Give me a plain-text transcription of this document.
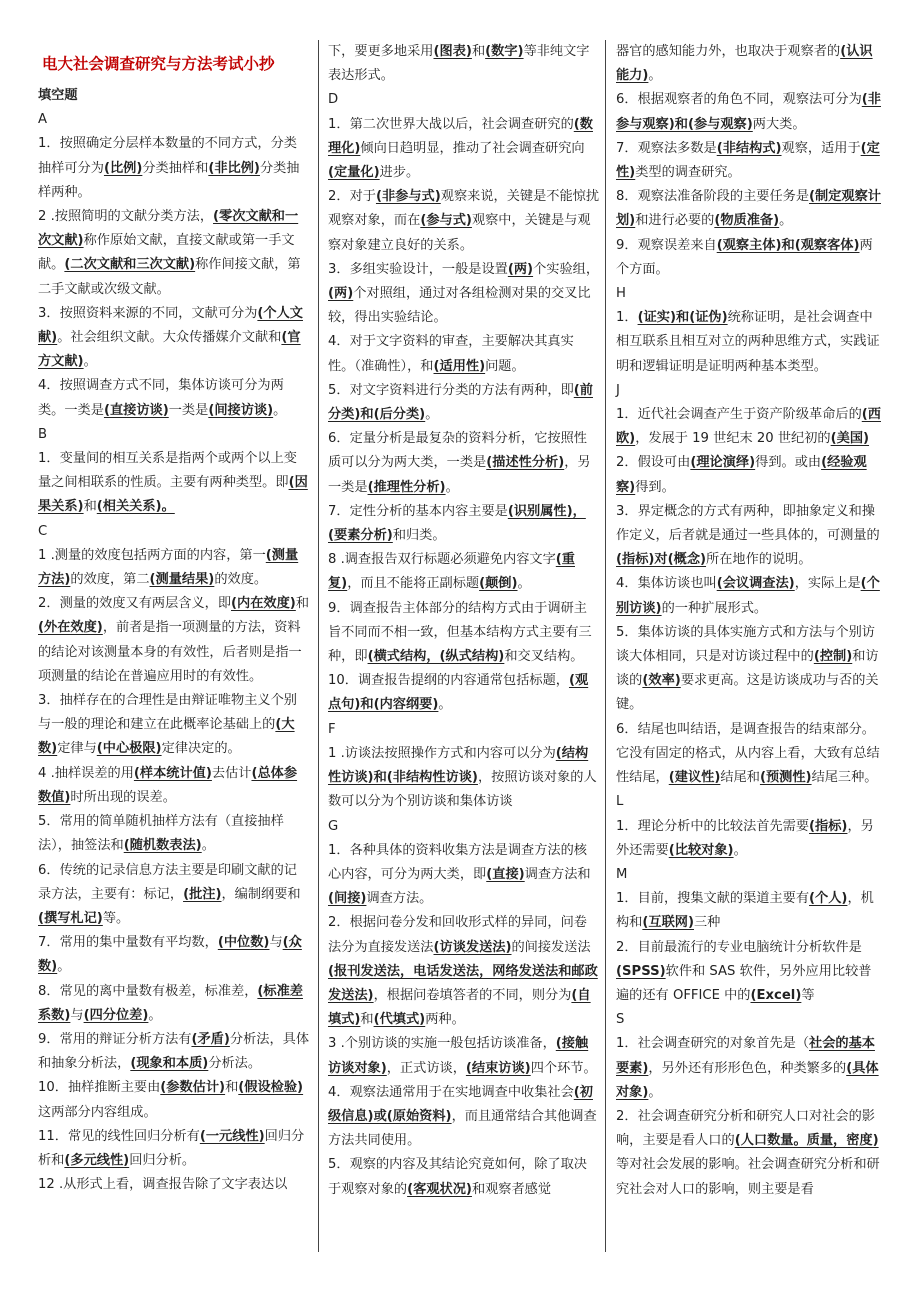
电大社会调查研究与方法考试小抄
填空题
A
1．按照确定分层样本数量的不同方式，分类抽样可分为(比例)分类抽样和(非比例)分类抽样两种。
2 .按照简明的文献分类方法，(零次文献和一次文献)称作原始文献，直接文献或第一手文献。(二次文献和三次文献)称作间接文献，第二手文献或次级文献。
3．按照资料来源的不同，文献可分为(个人文献)。社会组织文献。大众传播媒介文献和(官方文献)。
4．按照调查方式不同，集体访谈可分为两类。一类是(直接访谈)一类是(间接访谈)。
B
1．变量间的相互关系是指两个或两个以上变量之间相联系的性质。主要有两种类型。即(因果关系)和(相关关系)。
C
1 .测量的效度包括两方面的内容，第一(测量方法)的效度，第二(测量结果)的效度。
2．测量的效度又有两层含义，即(内在效度)和(外在效度)，前者是指一项测量的方法，资料的结论对该测量本身的有效性，后者则是指一项测量的结论在普遍应用时的有效性。
3．抽样存在的合理性是由辩证唯物主义个别与一般的理论和建立在此概率论基础上的(大数)定律与(中心极限)定律决定的。
4 .抽样误差的用(样本统计值)去估计(总体参数值)时所出现的误差。
5．常用的简单随机抽样方法有（直接抽样法），抽签法和(随机数表法)。
6．传统的记录信息方法主要是印刷文献的记录方法，主要有：标记，(批注)，编制纲要和(撰写札记)等。
7．常用的集中量数有平均数，(中位数)与(众数)。
8．常见的离中量数有极差，标准差，(标准差系数)与(四分位差)。
9．常用的辩证分析方法有(矛盾)分析法，具体和抽象分析法，(现象和本质)分析法。
10．抽样推断主要由(参数估计)和(假设检验)这两部分内容组成。
11．常见的线性回归分析有(一元线性)回归分析和(多元线性)回归分析。
12 .从形式上看，调查报告除了文字表达以
下，要更多地采用(图表)和(数字)等非纯文字表达形式。
D
1．第二次世界大战以后，社会调查研究的(数理化)倾向日趋明显，推动了社会调查研究向(定量化)进步。
2．对于(非参与式)观察来说，关键是不能惊扰观察对象，而在(参与式)观察中，关键是与观察对象建立良好的关系。
3．多组实验设计，一般是设置(两)个实验组，(两)个对照组，通过对各组检测对果的交叉比较，得出实验结论。
4．对于文字资料的审查，主要解决其真实性。（准确性），和(适用性)问题。
5．对文字资料进行分类的方法有两种，即(前分类)和(后分类)。
6．定量分析是最复杂的资料分析，它按照性质可以分为两大类，一类是(描述性分析)，另一类是(推理性分析)。
7．定性分析的基本内容主要是(识别属性)，(要素分析)和归类。
8 .调查报告双行标题必须避免内容文字(重复)，而且不能将正副标题(颠倒)。
9．调查报告主体部分的结构方式由于调研主旨不同而不相一致，但基本结构方式主要有三种，即(横式结构，(纵式结构)和交叉结构。
10．调查报告提纲的内容通常包括标题，(观点句)和(内容纲要)。
F
1 .访谈法按照操作方式和内容可以分为(结构性访谈)和(非结构性访谈)，按照访谈对象的人数可以分为个别访谈和集体访谈
G
1．各种具体的资料收集方法是调查方法的核心内容，可分为两大类，即(直接)调查方法和(间接)调查方法。
2．根据问卷分发和回收形式样的异同，问卷法分为直接发送法(访谈发送法)的间接发送法(报刊发送法，电话发送法，网络发送法和邮政发送法)，根据问卷填答者的不同，则分为(自填式)和(代填式)两种。
3 .个别访谈的实施一般包括访谈准备，(接触访谈对象)，正式访谈，(结束访谈)四个环节。
4．观察法通常用于在实地调查中收集社会(初级信息)或(原始资料)，而且通常结合其他调查方法共同使用。
5．观察的内容及其结论究竟如何，除了取决于观察对象的(客观状况)和观察者感觉
器官的感知能力外，也取决于观察者的(认识能力)。
6．根据观察者的角色不同，观察法可分为(非参与观察)和(参与观察)两大类。
7．观察法多数是(非结构式)观察，适用于(定性)类型的调查研究。
8．观察法准备阶段的主要任务是(制定观察计划)和进行必要的(物质准备)。
9．观察误差来自(观察主体)和(观察客体)两个方面。
H
1．(证实)和(证伪)统称证明，是社会调查中相互联系且相互对立的两种思维方式，实践证明和逻辑证明是证明两种基本类型。
J
1．近代社会调查产生于资产阶级革命后的(西欧)，发展于 19 世纪末 20 世纪初的(美国)
2．假设可由(理论演绎)得到。或由(经验观察)得到。
3．界定概念的方式有两种，即抽象定义和操作定义，后者就是通过一些具体的，可测量的(指标)对(概念)所在地作的说明。
4．集体访谈也叫(会议调查法)，实际上是(个别访谈)的一种扩展形式。
5．集体访谈的具体实施方式和方法与个别访谈大体相同，只是对访谈过程中的(控制)和访谈的(效率)要求更高。这是访谈成功与否的关键。
6．结尾也叫结语，是调查报告的结束部分。它没有固定的格式，从内容上看，大致有总结性结尾，(建议性)结尾和(预测性)结尾三种。
L
1．理论分析中的比较法首先需要(指标)，另外还需要(比较对象)。
M
1．目前，搜集文献的渠道主要有(个人)，机构和(互联网)三种
2．目前最流行的专业电脑统计分析软件是(SPSS)软件和 SAS 软件，另外应用比较普遍的还有 OFFICE 中的(Excel)等
S
1．社会调查研究的对象首先是（社会的基本要素)，另外还有形形色色，种类繁多的(具体对象)。
2．社会调查研究分析和研究人口对社会的影响，主要是看人口的(人口数量。质量，密度)等对社会发展的影响。社会调查研究分析和研究社会对人口的影响，则主要是看
